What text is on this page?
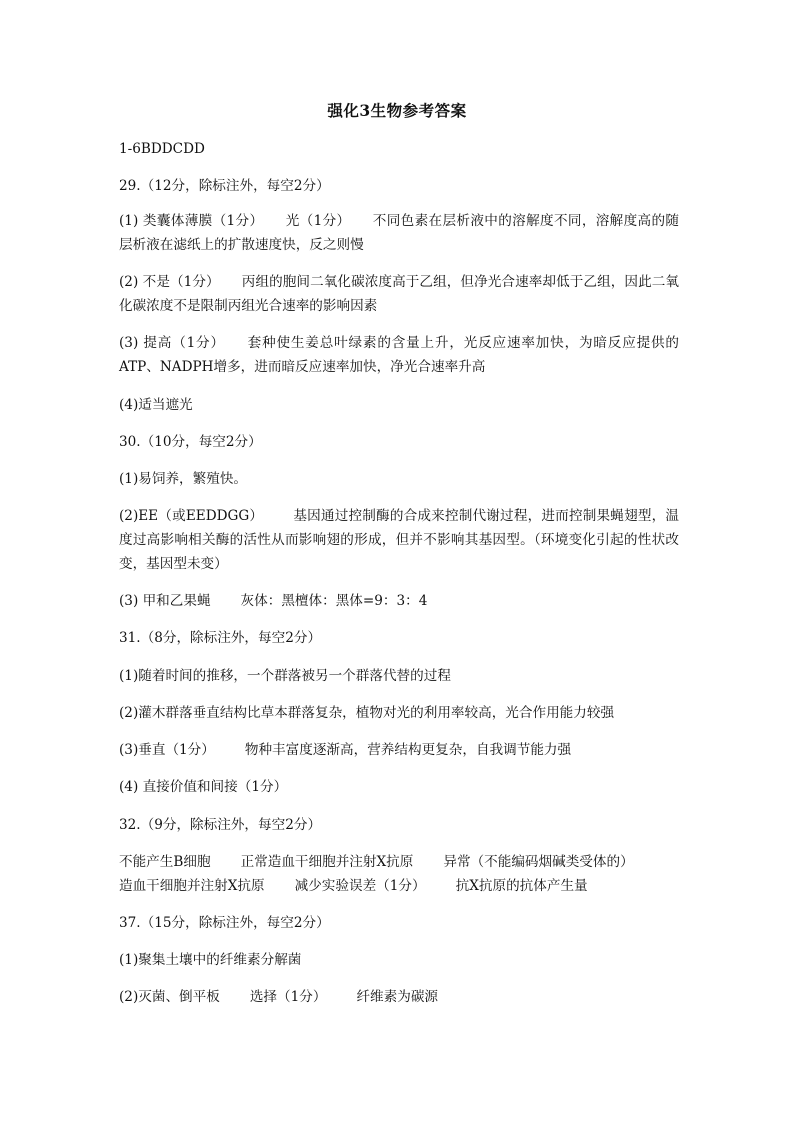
强化3生物参考答案

1-6BDDCDD

29.（12分，除标注外，每空2分）

(1) 类囊体薄膜（1分） 光（1分） 不同色素在层析液中的溶解度不同，溶解度高的随层析液在滤纸上的扩散速度快，反之则慢

(2) 不是（1分） 丙组的胞间二氧化碳浓度高于乙组，但净光合速率却低于乙组，因此二氧化碳浓度不是限制丙组光合速率的影响因素

(3) 提高（1分） 套种使生姜总叶绿素的含量上升，光反应速率加快，为暗反应提供的ATP、NADPH增多，进而暗反应速率加快，净光合速率升高

(4)适当遮光

30.（10分，每空2分）

(1)易饲养，繁殖快。

(2)EE（或EEDDGG） 基因通过控制酶的合成来控制代谢过程，进而控制果蝇翅型，温度过高影响相关酶的活性从而影响翅的形成，但并不影响其基因型。（环境变化引起的性状改变，基因型未变）

(3) 甲和乙果蝇 灰体：黑檀体：黑体=9：3：4

31.（8分，除标注外，每空2分）

(1)随着时间的推移，一个群落被另一个群落代替的过程

(2)灌木群落垂直结构比草本群落复杂，植物对光的利用率较高，光合作用能力较强

(3)垂直（1分） 物种丰富度逐渐高，营养结构更复杂，自我调节能力强

(4) 直接价值和间接（1分）

32.（9分，除标注外，每空2分）

不能产生B细胞 正常造血干细胞并注射X抗原 异常（不能编码烟碱类受体的）

造血干细胞并注射X抗原 减少实验误差（1分） 抗X抗原的抗体产生量

37.（15分，除标注外，每空2分）

(1)聚集土壤中的纤维素分解菌

(2)灭菌、倒平板 选择（1分） 纤维素为碳源
